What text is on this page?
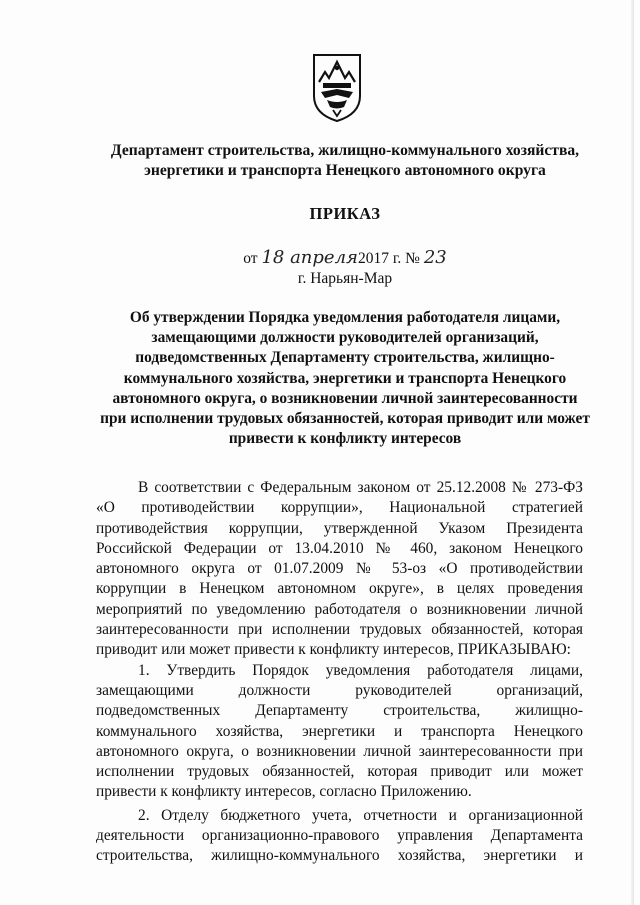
Департамент строительства, жилищно-коммунального хозяйства, энергетики и транспорта Ненецкого автономного округа
ПРИКАЗ
от 18 апреля2017 г. № 23
г. Нарьян-Мар
Об утверждении Порядка уведомления работодателя лицами, замещающими должности руководителей организаций, подведомственных Департаменту строительства, жилищно-коммунального хозяйства, энергетики и транспорта Ненецкого автономного округа, о возникновении личной заинтересованности при исполнении трудовых обязанностей, которая приводит или может привести к конфликту интересов

В соответствии с Федеральным законом от 25.12.2008 № 273-ФЗ «О противодействии коррупции», Национальной стратегией противодействия коррупции, утвержденной Указом Президента Российской Федерации от 13.04.2010 № 460, законом Ненецкого автономного округа от 01.07.2009 № 53-оз «О противодействии коррупции в Ненецком автономном округе», в целях проведения мероприятий по уведомлению работодателя о возникновении личной заинтересованности при исполнении трудовых обязанностей, которая приводит или может привести к конфликту интересов, ПРИКАЗЫВАЮ:

1. Утвердить Порядок уведомления работодателя лицами, замещающими должности руководителей организаций, подведомственных Департаменту строительства, жилищно-коммунального хозяйства, энергетики и транспорта Ненецкого автономного округа, о возникновении личной заинтересованности при исполнении трудовых обязанностей, которая приводит или может привести к конфликту интересов, согласно Приложению.

2. Отделу бюджетного учета, отчетности и организационной деятельности организационно-правового управления Департамента строительства, жилищно-коммунального хозяйства, энергетики и
